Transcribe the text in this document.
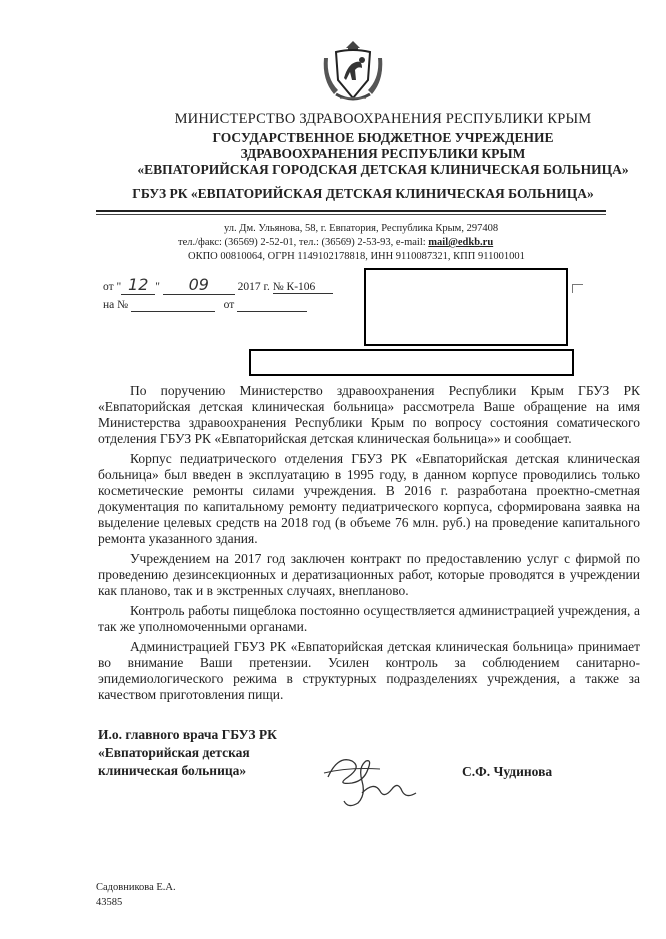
МИНИСТЕРСТВО ЗДРАВООХРАНЕНИЯ РЕСПУБЛИКИ КРЫМ
ГОСУДАРСТВЕННОЕ БЮДЖЕТНОЕ УЧРЕЖДЕНИЕ
ЗДРАВООХРАНЕНИЯ РЕСПУБЛИКИ КРЫМ
«ЕВПАТОРИЙСКАЯ ГОРОДСКАЯ ДЕТСКАЯ КЛИНИЧЕСКАЯ БОЛЬНИЦА»
ГБУЗ РК «ЕВПАТОРИЙСКАЯ ДЕТСКАЯ КЛИНИЧЕСКАЯ БОЛЬНИЦА»
ул. Дм. Ульянова, 58, г. Евпатория, Республика Крым, 297408
тел./факс: (36569) 2-52-01, тел.: (36569) 2-53-93, e-mail: mail@edkb.ru
ОКПО 00810064, ОГРН 1149102178818, ИНН 9110087321, КПП 911001001
от " 12 " 09 2017 г. № К-106
на №	от

По поручению Министерство здравоохранения Республики Крым ГБУЗ РК «Евпаторийская детская клиническая больница» рассмотрела Ваше обращение на имя Министерства здравоохранения Республики Крым по вопросу состояния соматического отделения ГБУЗ РК «Евпаторийская детская клиническая больница»» и сообщает.

Корпус педиатрического отделения ГБУЗ РК «Евпаторийская детская клиническая больница» был введен в эксплуатацию в 1995 году, в данном корпусе проводились только косметические ремонты силами учреждения. В 2016 г. разработана проектно-сметная документация по капитальному ремонту педиатрического корпуса, сформирована заявка на выделение целевых средств на 2018 год (в объеме 76 млн. руб.) на проведение капитального ремонта указанного здания.

Учреждением на 2017 год заключен контракт по предоставлению услуг с фирмой по проведению дезинсекционных и дератизационных работ, которые проводятся в учреждении как планово, так и в экстренных случаях, внепланово.

Контроль работы пищеблока постоянно осуществляется администрацией учреждения, а так же уполномоченными органами.

Администрацией ГБУЗ РК «Евпаторийская детская клиническая больница» принимает во внимание Ваши претензии. Усилен контроль за соблюдением санитарно-эпидемиологического режима в структурных подразделениях учреждения, а также за качеством приготовления пищи.

И.о. главного врача ГБУЗ РК
«Евпаторийская детская
клиническая больница»	С.Ф. Чудинова
Садовникова Е.А.
43585
